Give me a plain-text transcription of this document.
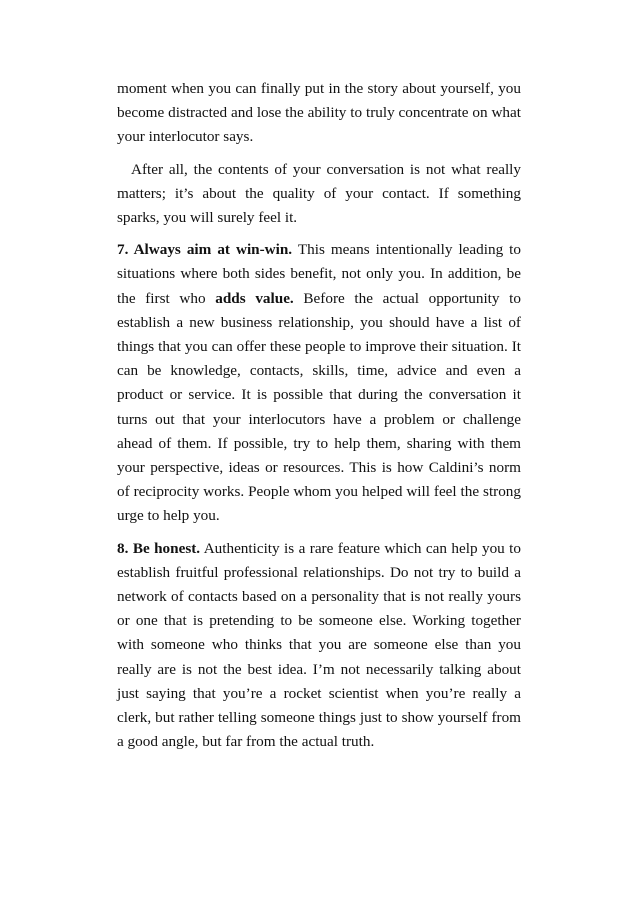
moment when you can finally put in the story about yourself, you become distracted and lose the ability to truly concentrate on what your interlocutor says.

After all, the contents of your conversation is not what really matters; it’s about the quality of your contact. If something sparks, you will surely feel it.

7. Always aim at win-win. This means intentionally leading to situations where both sides benefit, not only you. In addition, be the first who adds value. Before the actual opportunity to establish a new business relationship, you should have a list of things that you can offer these people to improve their situation. It can be knowledge, contacts, skills, time, advice and even a product or service. It is possible that during the conversation it turns out that your interlocutors have a problem or challenge ahead of them. If possible, try to help them, sharing with them your perspective, ideas or resources. This is how Caldini’s norm of reciprocity works. People whom you helped will feel the strong urge to help you.

8. Be honest. Authenticity is a rare feature which can help you to establish fruitful professional relationships. Do not try to build a network of contacts based on a personality that is not really yours or one that is pretending to be someone else. Working together with someone who thinks that you are someone else than you really are is not the best idea. I’m not necessarily talking about just saying that you’re a rocket scientist when you’re really a clerk, but rather telling someone things just to show yourself from a good angle, but far from the actual truth.
